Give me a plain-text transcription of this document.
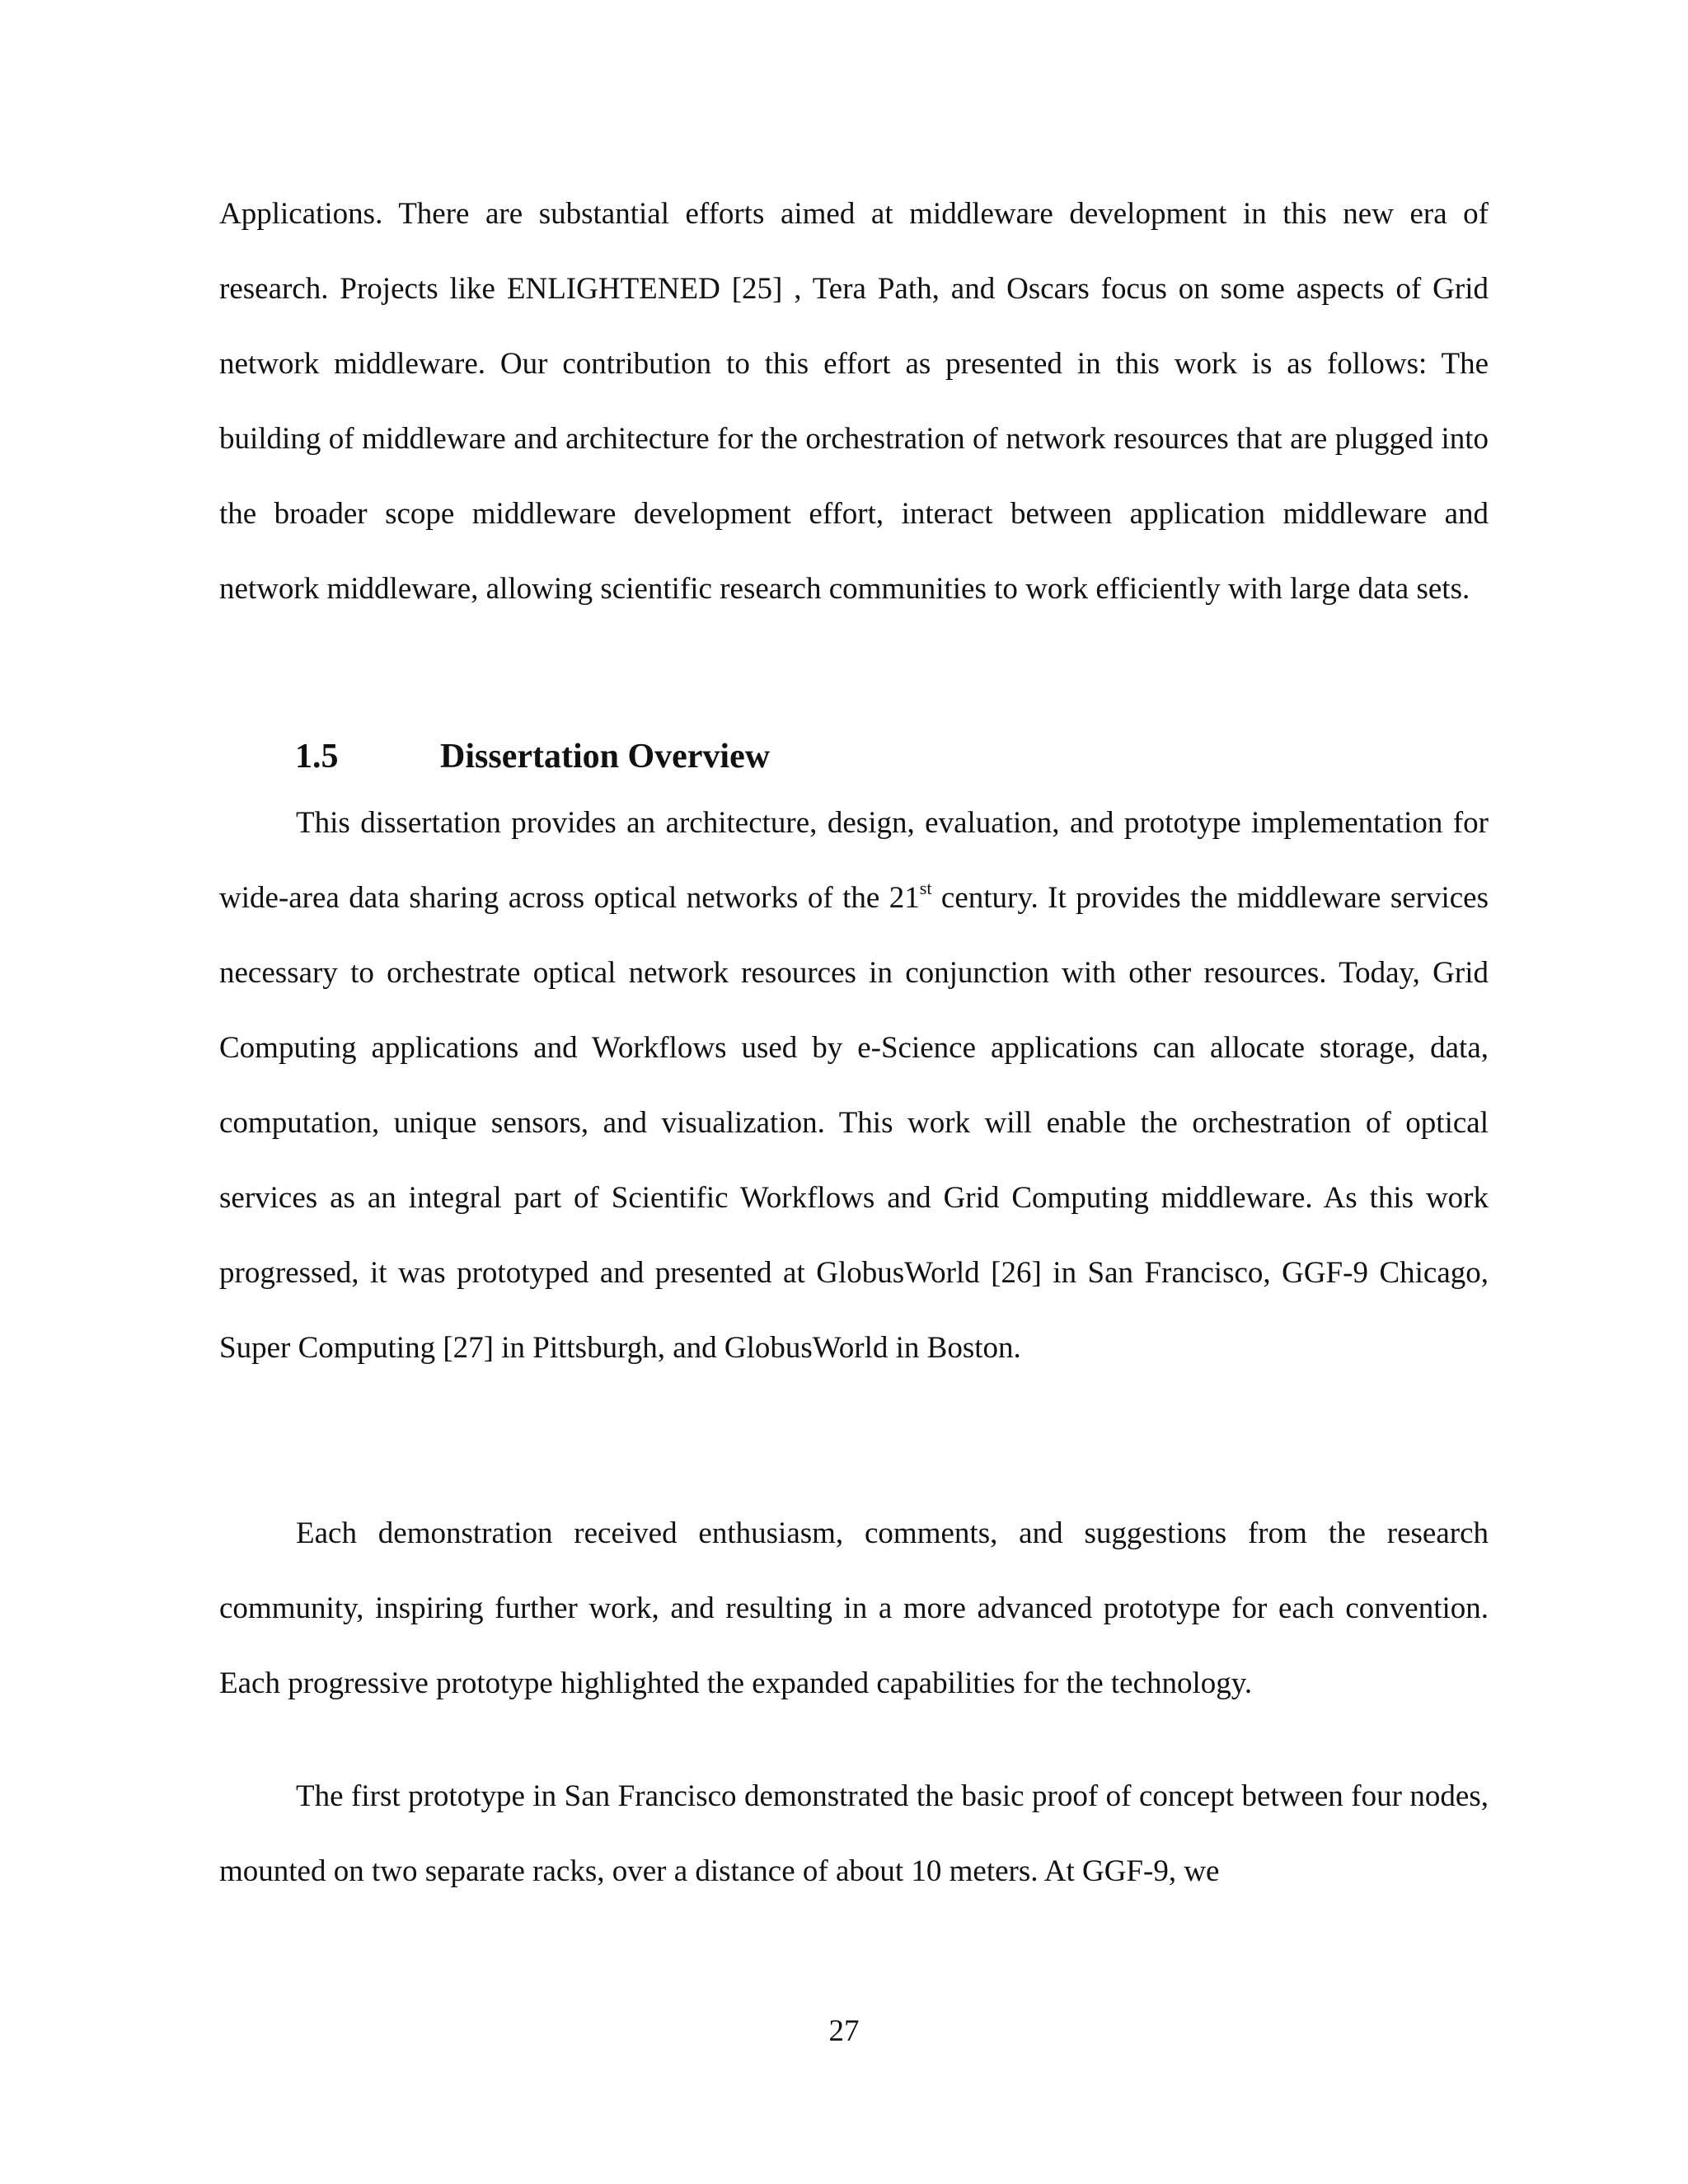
Applications. There are substantial efforts aimed at middleware development in this new era of research. Projects like ENLIGHTENED [25] , Tera Path, and Oscars focus on some aspects of Grid network middleware. Our contribution to this effort as presented in this work is as follows: The building of middleware and architecture for the orchestration of network resources that are plugged into the broader scope middleware development effort, interact between application middleware and network middleware, allowing scientific research communities to work efficiently with large data sets.

1.5	Dissertation Overview

This dissertation provides an architecture, design, evaluation, and prototype implementation for wide-area data sharing across optical networks of the 21st century. It provides the middleware services necessary to orchestrate optical network resources in conjunction with other resources. Today, Grid Computing applications and Workflows used by e-Science applications can allocate storage, data, computation, unique sensors, and visualization. This work will enable the orchestration of optical services as an integral part of Scientific Workflows and Grid Computing middleware. As this work progressed, it was prototyped and presented at GlobusWorld [26] in San Francisco, GGF-9 Chicago, Super Computing [27] in Pittsburgh, and GlobusWorld in Boston.

Each demonstration received enthusiasm, comments, and suggestions from the research community, inspiring further work, and resulting in a more advanced prototype for each convention. Each progressive prototype highlighted the expanded capabilities for the technology.

The first prototype in San Francisco demonstrated the basic proof of concept between four nodes, mounted on two separate racks, over a distance of about 10 meters. At GGF-9, we

27
